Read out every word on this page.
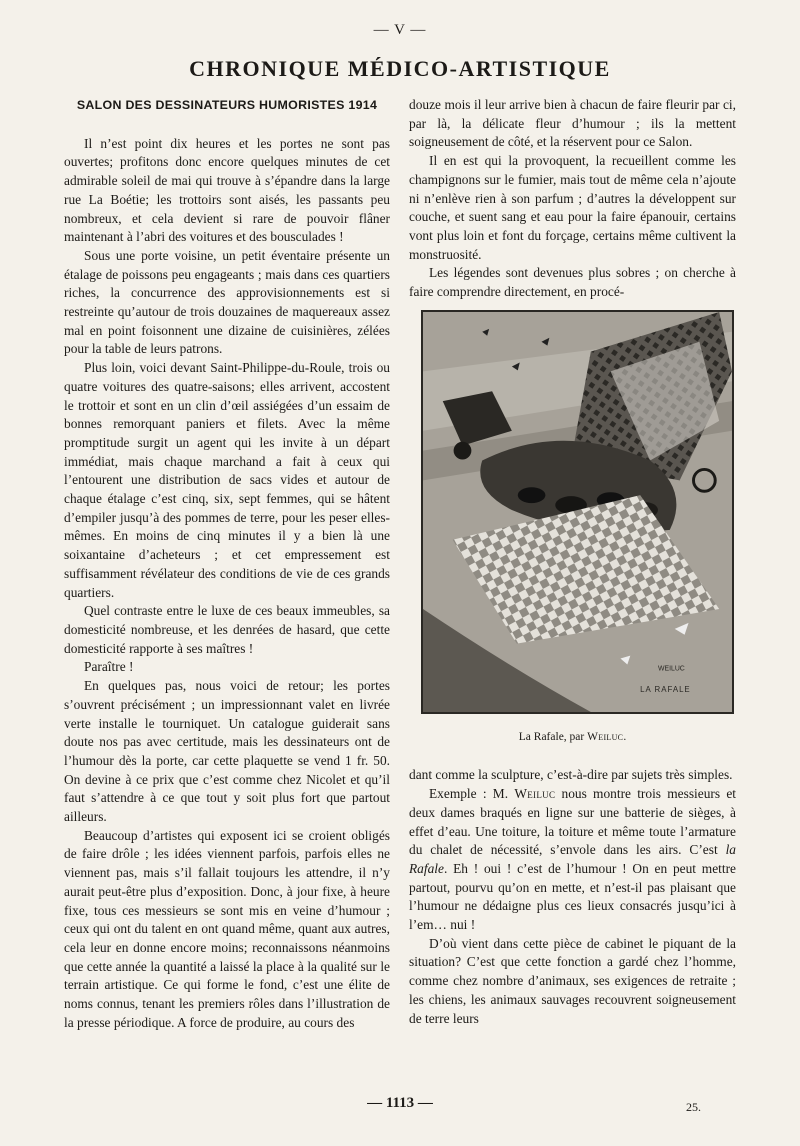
— V —
CHRONIQUE MÉDICO-ARTISTIQUE
SALON DES DESSINATEURS HUMORISTES 1914

Il n’est point dix heures et les portes ne sont pas ouvertes; profitons donc encore quelques minutes de cet admirable soleil de mai qui trouve à s’épandre dans la large rue La Boétie; les trottoirs sont aisés, les passants peu nombreux, et cela devient si rare de pouvoir flâner maintenant à l’abri des voitures et des bousculades !

Sous une porte voisine, un petit éventaire présente un étalage de poissons peu engageants ; mais dans ces quartiers riches, la concurrence des approvisionnements est si restreinte qu’autour de trois douzaines de maquereaux assez mal en point foisonnent une dizaine de cuisinières, zélées pour la table de leurs patrons.

Plus loin, voici devant Saint-Philippe-du-Roule, trois ou quatre voitures des quatre-saisons; elles arrivent, accostent le trottoir et sont en un clin d’œil assiégées d’un essaim de bonnes remorquant paniers et filets. Avec la même promptitude surgit un agent qui les invite à un départ immédiat, mais chaque marchand a fait à ceux qui l’entourent une distribution de sacs vides et autour de chaque étalage c’est cinq, six, sept femmes, qui se hâtent d’empiler jusqu’à des pommes de terre, pour les peser elles-mêmes. En moins de cinq minutes il y a bien là une soixantaine d’acheteurs ; et cet empressement est suffisamment révélateur des conditions de vie de ces grands quartiers.

Quel contraste entre le luxe de ces beaux immeubles, sa domesticité nombreuse, et les denrées de hasard, que cette domesticité rapporte à ses maîtres !

Paraître !

En quelques pas, nous voici de retour; les portes s’ouvrent précisément ; un impressionnant valet en livrée verte installe le tourniquet. Un catalogue guiderait sans doute nos pas avec certitude, mais les dessinateurs ont de l’humour dès la porte, car cette plaquette se vend 1 fr. 50. On devine à ce prix que c’est comme chez Nicolet et qu’il faut s’attendre à ce que tout y soit plus fort que partout ailleurs.

Beaucoup d’artistes qui exposent ici se croient obligés de faire drôle ; les idées viennent parfois, parfois elles ne viennent pas, mais s’il fallait toujours les attendre, il n’y aurait peut-être plus d’exposition. Donc, à jour fixe, à heure fixe, tous ces messieurs se sont mis en veine d’humour ; ceux qui ont du talent en ont quand même, quant aux autres, cela leur en donne encore moins; reconnaissons néanmoins que cette année la quantité a laissé la place à la qualité sur le terrain artistique. Ce qui forme le fond, c’est une élite de noms connus, tenant les premiers rôles dans l’illustration de la presse périodique. A force de produire, au cours des

douze mois il leur arrive bien à chacun de faire fleurir par ci, par là, la délicate fleur d’humour ; ils la mettent soigneusement de côté, et la réservent pour ce Salon.

Il en est qui la provoquent, la recueillent comme les champignons sur le fumier, mais tout de même cela n’ajoute ni n’enlève rien à son parfum ; d’autres la développent sur couche, et suent sang et eau pour la faire épanouir, certains vont plus loin et font du forçage, certains même cultivent la monstruosité.

Les légendes sont devenues plus sobres ; on cherche à faire comprendre directement, en procé-

WEILUC
LA RAFALE
La Rafale, par Weiluc.

dant comme la sculpture, c’est-à-dire par sujets très simples.

Exemple : M. Weiluc nous montre trois messieurs et deux dames braqués en ligne sur une batterie de sièges, à effet d’eau. Une toiture, la toiture et même toute l’armature du chalet de nécessité, s’envole dans les airs. C’est la Rafale. Eh ! oui ! c’est de l’humour ! On en peut mettre partout, pourvu qu’on en mette, et n’est-il pas plaisant que l’humour ne dédaigne plus ces lieux consacrés jusqu’ici à l’em… nui !

D’où vient dans cette pièce de cabinet le piquant de la situation? C’est que cette fonction a gardé chez l’homme, comme chez nombre d’animaux, ses exigences de retraite ; les chiens, les animaux sauvages recouvrent soigneusement de terre leurs

— 1113 —	25.
